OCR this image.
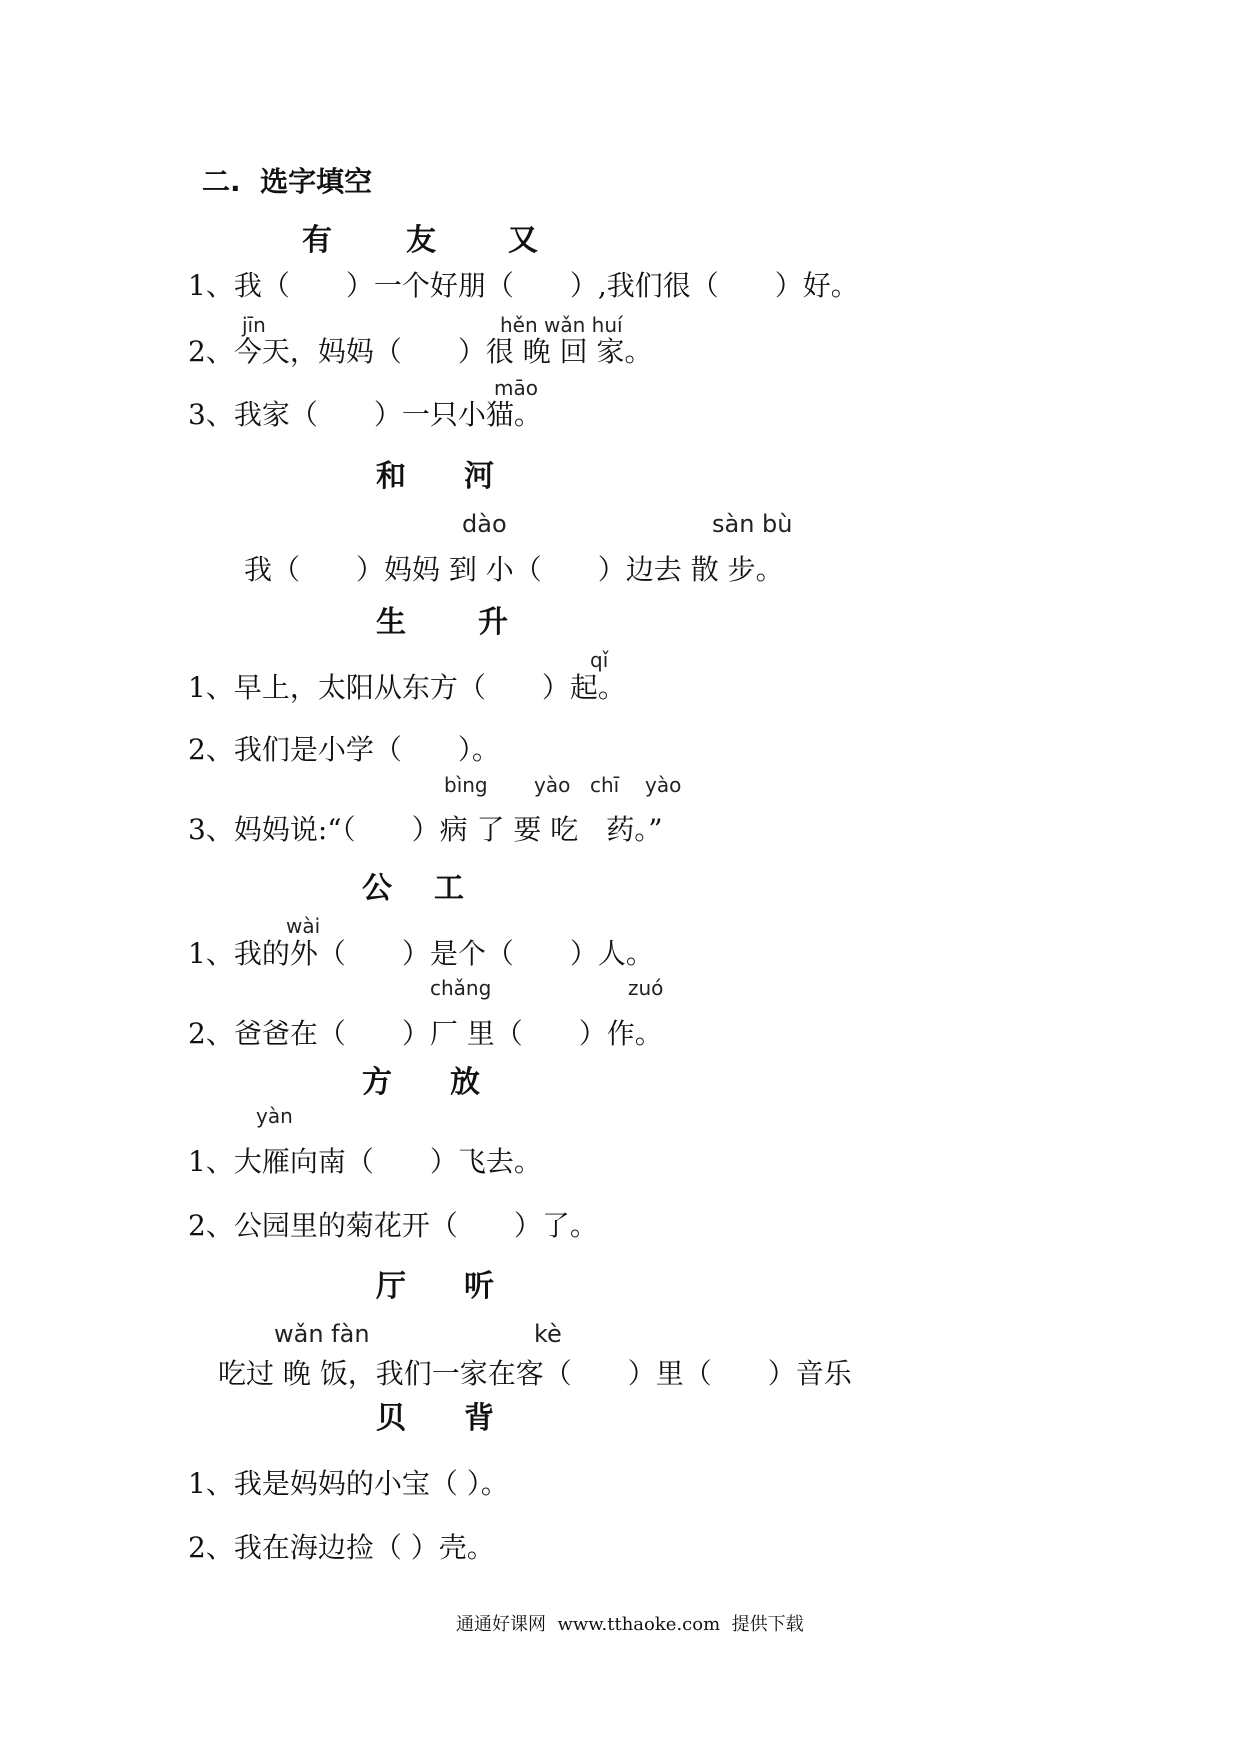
二.  选字填空
有 友 又
1、我（　　）一个好朋（　　）,我们很（　　）好。
jīn	hěn wǎn huí
2、今天，妈妈（　　）很 晚 回 家。
māo
3、我家（　　）一只小猫。
和 河
dào	sàn bù
我（　　）妈妈 到 小（　　）边去 散 步。
生 升
qǐ
1、早上，太阳从东方（　　）起。
2、我们是小学（　　）。
bìng yào chī yào
3、妈妈说:“（　　）病 了 要 吃　药。”
公 工
wài
1、我的外（　　）是个（　　）人。
chǎng	zuó
2、爸爸在（　　）厂 里（　　）作。
方 放
yàn
1、大雁向南（　　）飞去。
2、公园里的菊花开（　　）了。
厅 听
wǎn fàn	kè
吃过 晚 饭，我们一家在客（　　）里（　　）音乐
贝 背
1、我是妈妈的小宝（ ）。
2、我在海边捡（ ）壳。
通通好课网  www.tthaoke.com  提供下载
